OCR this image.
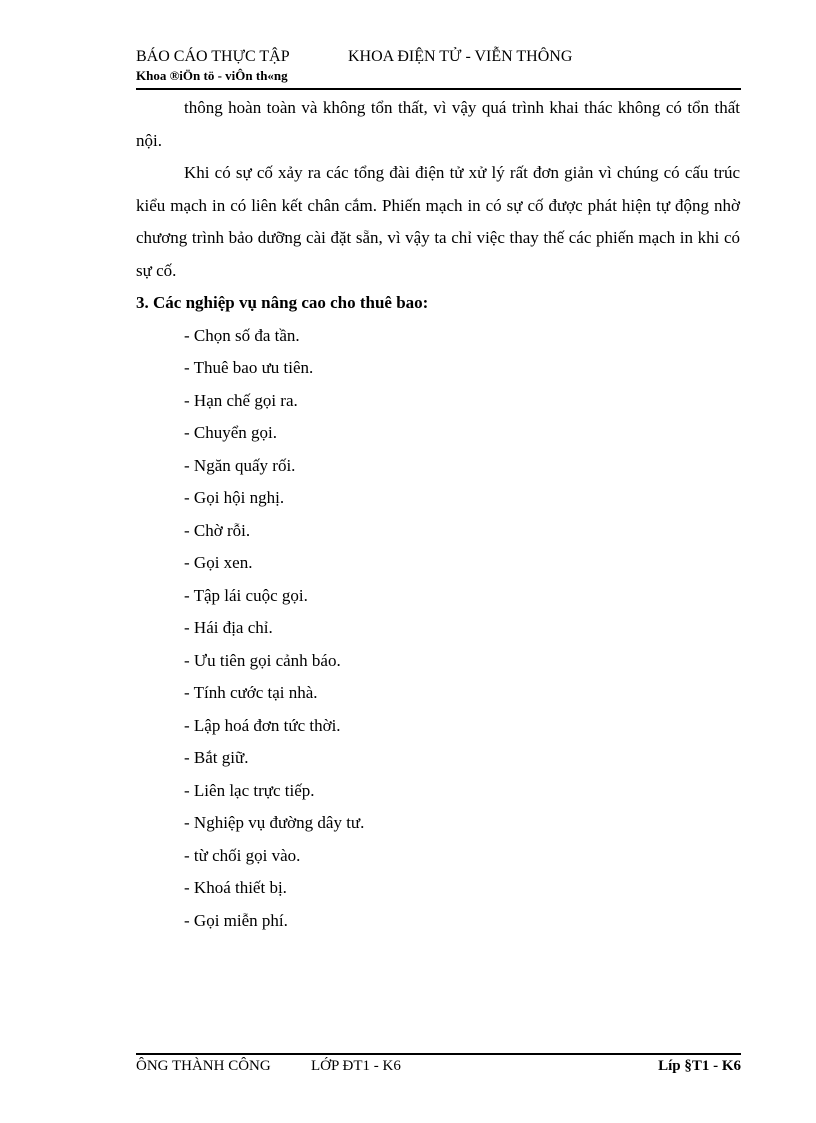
BÁO CÁO THỰC TẬP	KHOA ĐIỆN TỬ - VIỄN THÔNG
Khoa ®iÖn tö - viÔn th«ng

thông hoàn toàn và không tổn thất, vì vậy quá trình khai thác không có tổn thất nội.

Khi có sự cố xảy ra các tổng đài điện tử xử lý rất đơn giản vì chúng có cấu trúc kiểu mạch in có liên kết chân cắm. Phiến mạch in có sự cố được phát hiện tự động nhờ chương trình bảo dưỡng cài đặt sẵn, vì vậy ta chỉ việc thay thế các phiến mạch in khi có sự cố.

3. Các nghiệp vụ nâng cao cho thuê bao:

- Chọn số đa tần.
- Thuê bao ưu tiên.
- Hạn chế gọi ra.
- Chuyển gọi.
- Ngăn quấy rối.
- Gọi hội nghị.
- Chờ rỗi.
- Gọi xen.
- Tập lái cuộc gọi.
- Hái địa chỉ.
- Ưu tiên gọi cảnh báo.
- Tính cước tại nhà.
- Lập hoá đơn tức thời.
- Bắt giữ.
- Liên lạc trực tiếp.
- Nghiệp vụ đường dây tư.
- từ chối gọi vào.
- Khoá thiết bị.
- Gọi miễn phí.
ÔNG THÀNH CÔNG	LỚP ĐT1 - K6	Líp §T1 - K6
